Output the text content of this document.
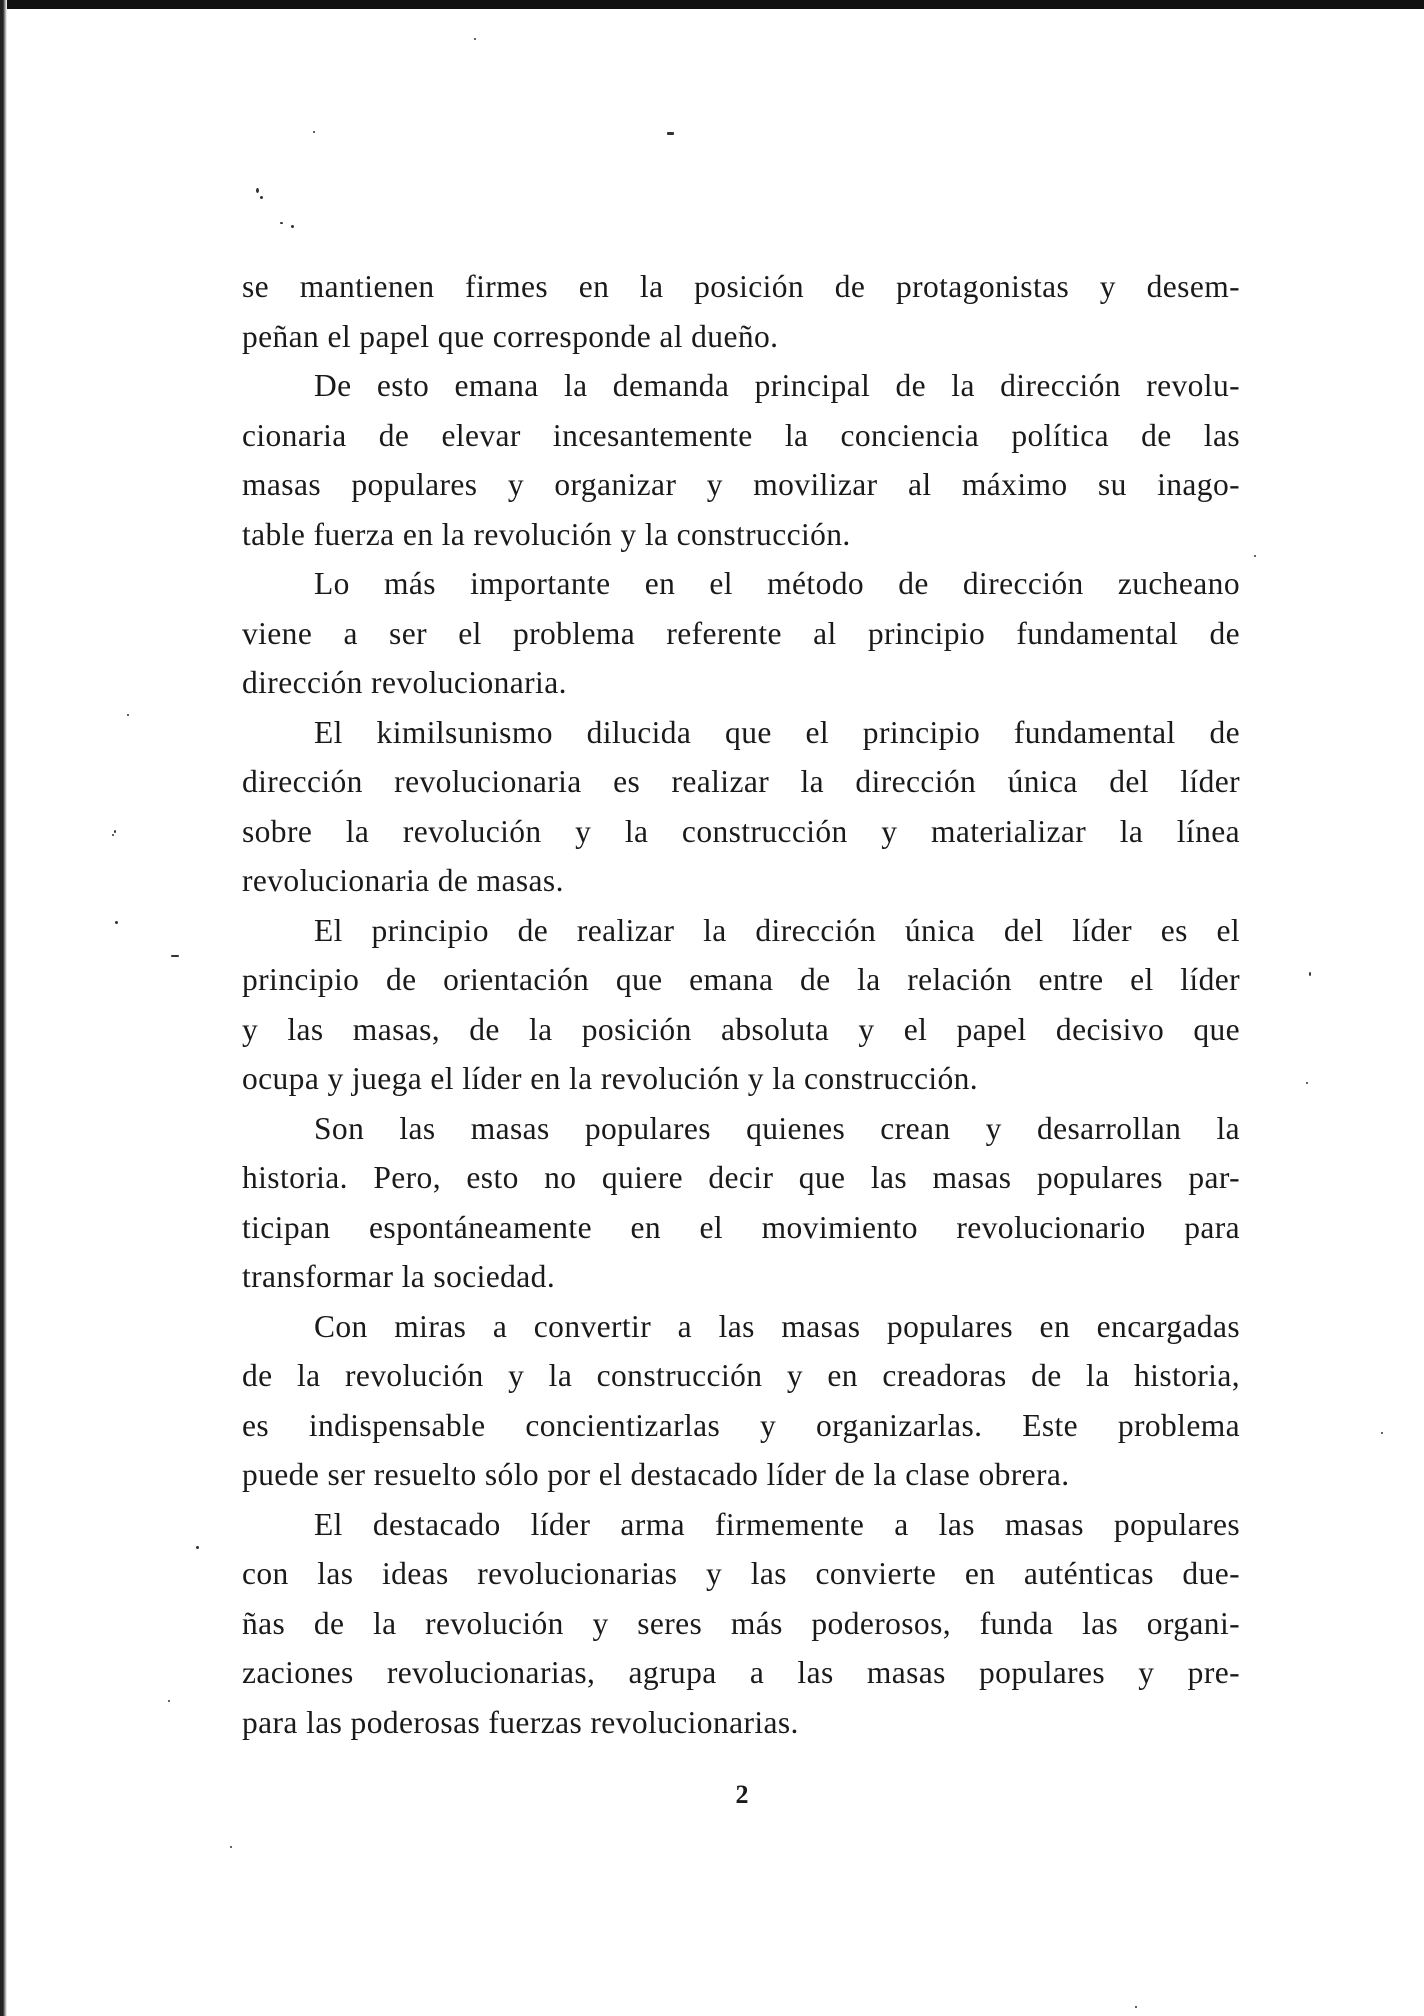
se mantienen firmes en la posición de protagonistas y desem-
peñan el papel que corresponde al dueño.

De esto emana la demanda principal de la dirección revolu-
cionaria de elevar incesantemente la conciencia política de las
masas populares y organizar y movilizar al máximo su inago-
table fuerza en la revolución y la construcción.

Lo más importante en el método de dirección zucheano
viene a ser el problema referente al principio fundamental de
dirección revolucionaria.

El kimilsunismo dilucida que el principio fundamental de
dirección revolucionaria es realizar la dirección única del líder
sobre la revolución y la construcción y materializar la línea
revolucionaria de masas.

El principio de realizar la dirección única del líder es el
principio de orientación que emana de la relación entre el líder
y las masas, de la posición absoluta y el papel decisivo que
ocupa y juega el líder en la revolución y la construcción.

Son las masas populares quienes crean y desarrollan la
historia. Pero, esto no quiere decir que las masas populares par-
ticipan espontáneamente en el movimiento revolucionario para
transformar la sociedad.

Con miras a convertir a las masas populares en encargadas
de la revolución y la construcción y en creadoras de la historia,
es indispensable concientizarlas y organizarlas. Este problema
puede ser resuelto sólo por el destacado líder de la clase obrera.

El destacado líder arma firmemente a las masas populares
con las ideas revolucionarias y las convierte en auténticas due-
ñas de la revolución y seres más poderosos, funda las organi-
zaciones revolucionarias, agrupa a las masas populares y pre-
para las poderosas fuerzas revolucionarias.

2
